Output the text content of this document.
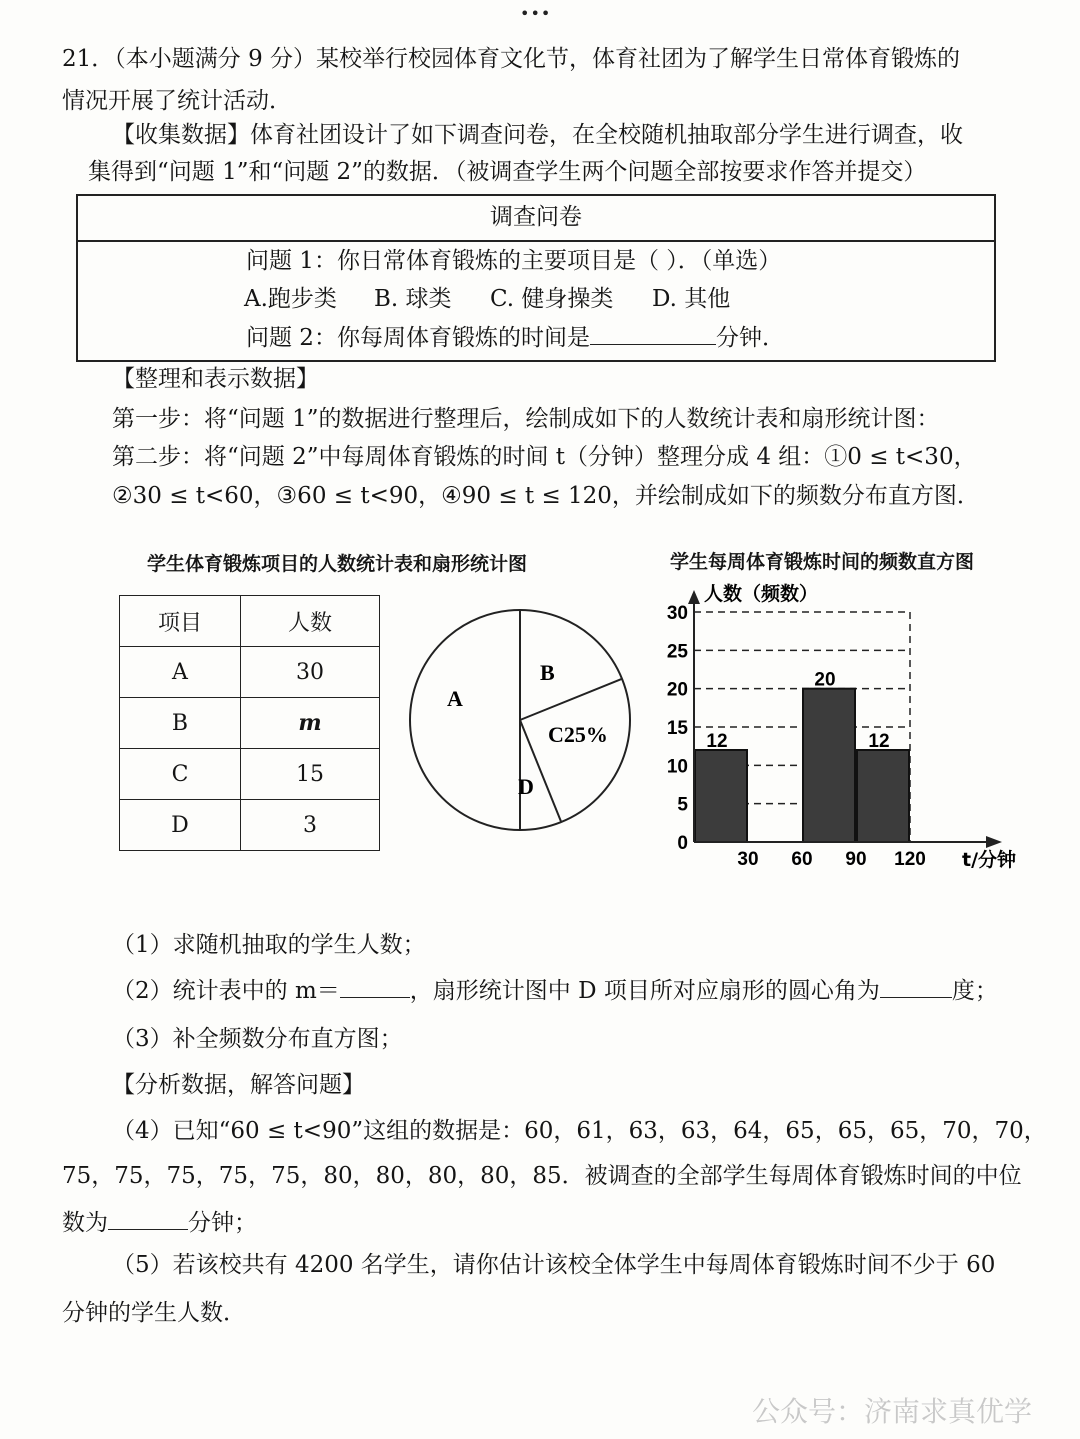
•••
21．（本小题满分 9 分）某校举行校园体育文化节，体育社团为了解学生日常体育锻炼的
情况开展了统计活动．
【收集数据】体育社团设计了如下调查问卷，在全校随机抽取部分学生进行调查，收
集得到“问题 1”和“问题 2”的数据．（被调查学生两个问题全部按要求作答并提交）
调查问卷
问题 1：你日常体育锻炼的主要项目是（ ）．（单选）
A.跑步类 B. 球类 C. 健身操类 D. 其他
问题 2：你每周体育锻炼的时间是	分钟．
【整理和表示数据】
第一步：将“问题 1”的数据进行整理后，绘制成如下的人数统计表和扇形统计图：
第二步：将“问题 2”中每周体育锻炼的时间 t（分钟）整理分成 4 组：①0 ≤ t<30，
②30 ≤ t<60，③60 ≤ t<90，④90 ≤ t ≤ 120，并绘制成如下的频数分布直方图．
学生体育锻炼项目的人数统计表和扇形统计图
项目	人数
A	30
B	m
C	15
D	3
A
B
C25%
D
学生每周体育锻炼时间的频数直方图
0
5
10
15
20
25
30
12
20
12
30 60 90 120
人数（频数）
t/分钟
（1）求随机抽取的学生人数；
（2）统计表中的 m＝	，扇形统计图中 D 项目所对应扇形的圆心角为	度；
（3）补全频数分布直方图；
【分析数据，解答问题】
（4）已知“60 ≤ t<90”这组的数据是：60，61，63，63，64，65，65，65，70，70，
75，75，75，75，75，80，80，80，80，85．被调查的全部学生每周体育锻炼时间的中位
数为	分钟；
（5）若该校共有 4200 名学生，请你估计该校全体学生中每周体育锻炼时间不少于 60
分钟的学生人数．
公众号：济南求真优学
